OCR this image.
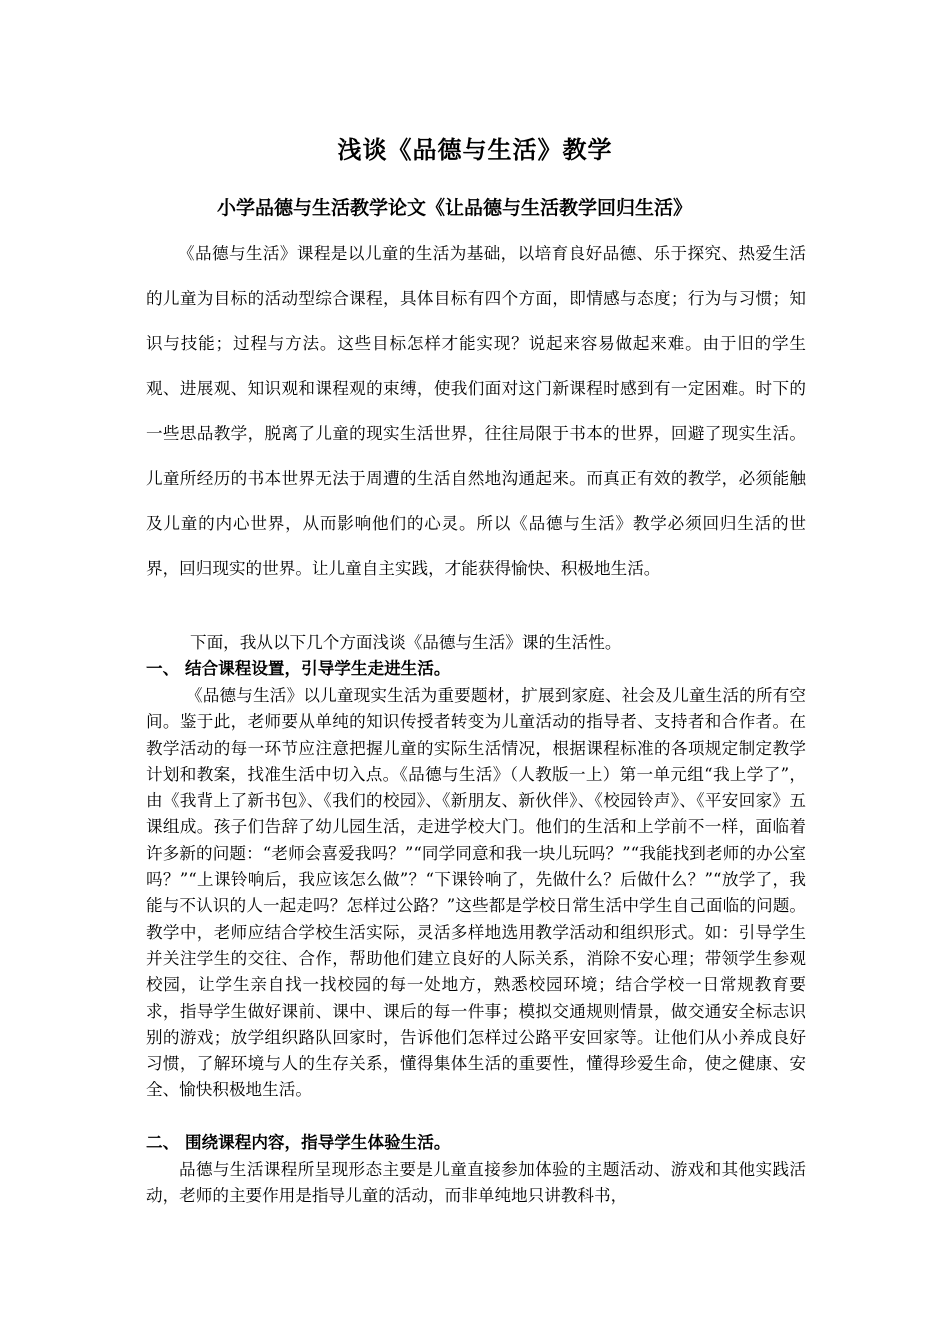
浅谈《品德与生活》教学
小学品德与生活教学论文《让品德与生活教学回归生活》

《品德与生活》课程是以儿童的生活为基础，以培育良好品德、乐于探究、热爱生活的儿童为目标的活动型综合课程，具体目标有四个方面，即情感与态度；行为与习惯；知识与技能；过程与方法。这些目标怎样才能实现？说起来容易做起来难。由于旧的学生观、进展观、知识观和课程观的束缚，使我们面对这门新课程时感到有一定困难。时下的一些思品教学，脱离了儿童的现实生活世界，往往局限于书本的世界，回避了现实生活。儿童所经历的书本世界无法于周遭的生活自然地沟通起来。而真正有效的教学，必须能触及儿童的内心世界，从而影响他们的心灵。所以《品德与生活》教学必须回归生活的世界，回归现实的世界。让儿童自主实践，才能获得愉快、积极地生活。

下面，我从以下几个方面浅谈《品德与生活》课的生活性。

一、 结合课程设置，引导学生走进生活。

《品德与生活》以儿童现实生活为重要题材，扩展到家庭、社会及儿童生活的所有空间。鉴于此，老师要从单纯的知识传授者转变为儿童活动的指导者、支持者和合作者。在教学活动的每一环节应注意把握儿童的实际生活情况，根据课程标准的各项规定制定教学计划和教案，找准生活中切入点。《品德与生活》（人教版一上）第一单元组“我上学了”，由《我背上了新书包》、《我们的校园》、《新朋友、新伙伴》、《校园铃声》、《平安回家》五课组成。孩子们告辞了幼儿园生活，走进学校大门。他们的生活和上学前不一样，面临着许多新的问题：“老师会喜爱我吗？”“同学同意和我一块儿玩吗？”“我能找到老师的办公室吗？”“上课铃响后，我应该怎么做”？“下课铃响了，先做什么？后做什么？”“放学了，我能与不认识的人一起走吗？怎样过公路？”这些都是学校日常生活中学生自己面临的问题。教学中，老师应结合学校生活实际，灵活多样地选用教学活动和组织形式。如：引导学生并关注学生的交往、合作，帮助他们建立良好的人际关系，消除不安心理；带领学生参观校园，让学生亲自找一找校园的每一处地方，熟悉校园环境；结合学校一日常规教育要求，指导学生做好课前、课中、课后的每一件事；模拟交通规则情景，做交通安全标志识别的游戏；放学组织路队回家时，告诉他们怎样过公路平安回家等。让他们从小养成良好习惯，了解环境与人的生存关系，懂得集体生活的重要性，懂得珍爱生命，使之健康、安全、愉快积极地生活。

二、 围绕课程内容，指导学生体验生活。

品德与生活课程所呈现形态主要是儿童直接参加体验的主题活动、游戏和其他实践活动，老师的主要作用是指导儿童的活动，而非单纯地只讲教科书，
